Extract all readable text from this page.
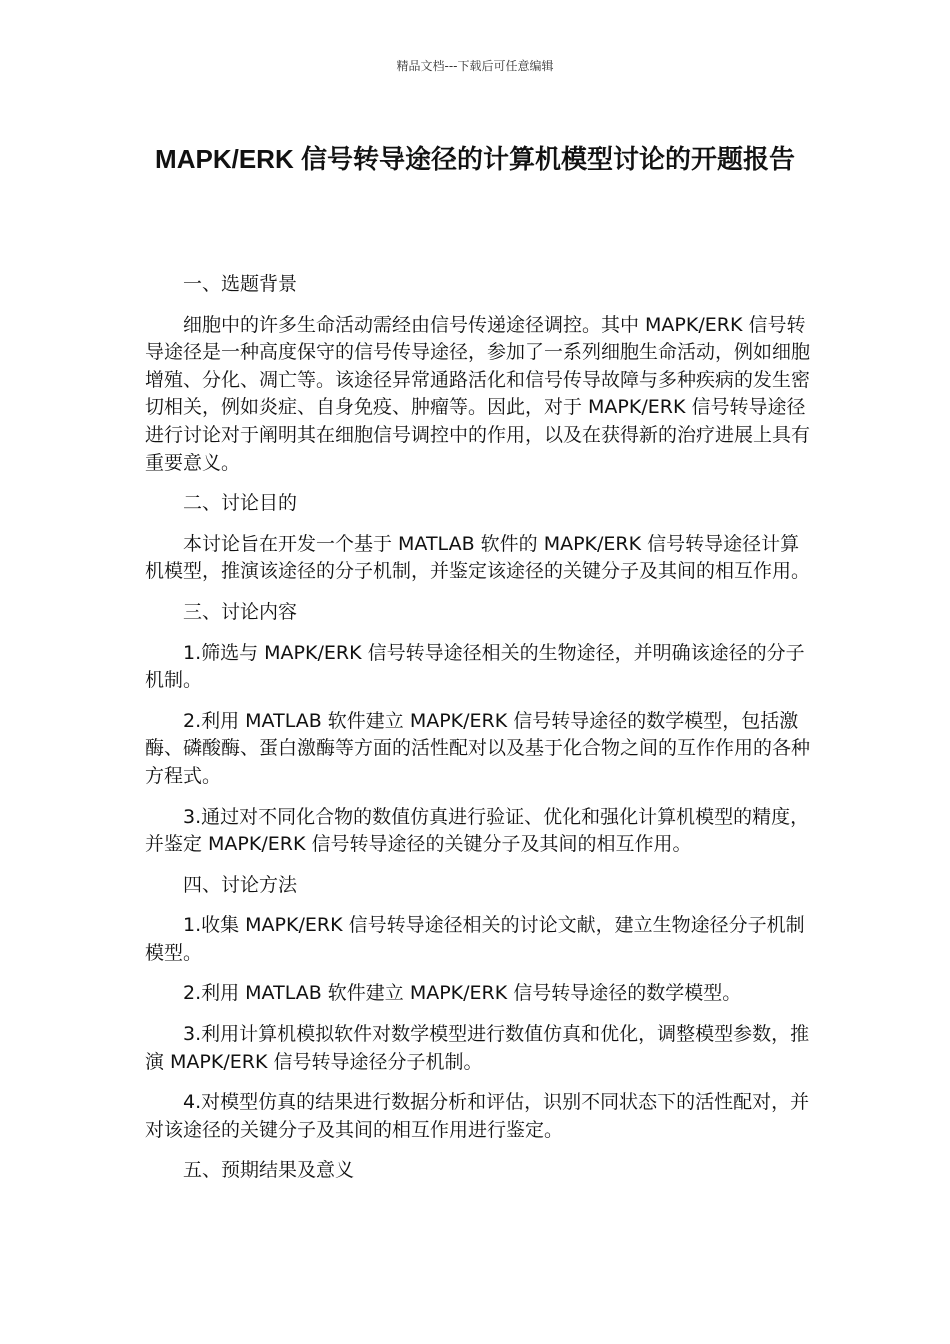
精品文档---下载后可任意编辑
MAPK/ERK 信号转导途径的计算机模型讨论的开题报告

一、选题背景

细胞中的许多生命活动需经由信号传递途径调控。其中 MAPK/ERK 信号转导途径是一种高度保守的信号传导途径，参加了一系列细胞生命活动，例如细胞增殖、分化、凋亡等。该途径异常通路活化和信号传导故障与多种疾病的发生密切相关，例如炎症、自身免疫、肿瘤等。因此，对于 MAPK/ERK 信号转导途径进行讨论对于阐明其在细胞信号调控中的作用，以及在获得新的治疗进展上具有重要意义。

二、讨论目的

本讨论旨在开发一个基于 MATLAB 软件的 MAPK/ERK 信号转导途径计算机模型，推演该途径的分子机制，并鉴定该途径的关键分子及其间的相互作用。

三、讨论内容

1.筛选与 MAPK/ERK 信号转导途径相关的生物途径，并明确该途径的分子机制。

2.利用 MATLAB 软件建立 MAPK/ERK 信号转导途径的数学模型，包括激酶、磷酸酶、蛋白激酶等方面的活性配对以及基于化合物之间的互作作用的各种方程式。

3.通过对不同化合物的数值仿真进行验证、优化和强化计算机模型的精度，并鉴定 MAPK/ERK 信号转导途径的关键分子及其间的相互作用。

四、讨论方法

1.收集 MAPK/ERK 信号转导途径相关的讨论文献，建立生物途径分子机制模型。

2.利用 MATLAB 软件建立 MAPK/ERK 信号转导途径的数学模型。

3.利用计算机模拟软件对数学模型进行数值仿真和优化，调整模型参数，推演 MAPK/ERK 信号转导途径分子机制。

4.对模型仿真的结果进行数据分析和评估，识别不同状态下的活性配对，并对该途径的关键分子及其间的相互作用进行鉴定。

五、预期结果及意义
